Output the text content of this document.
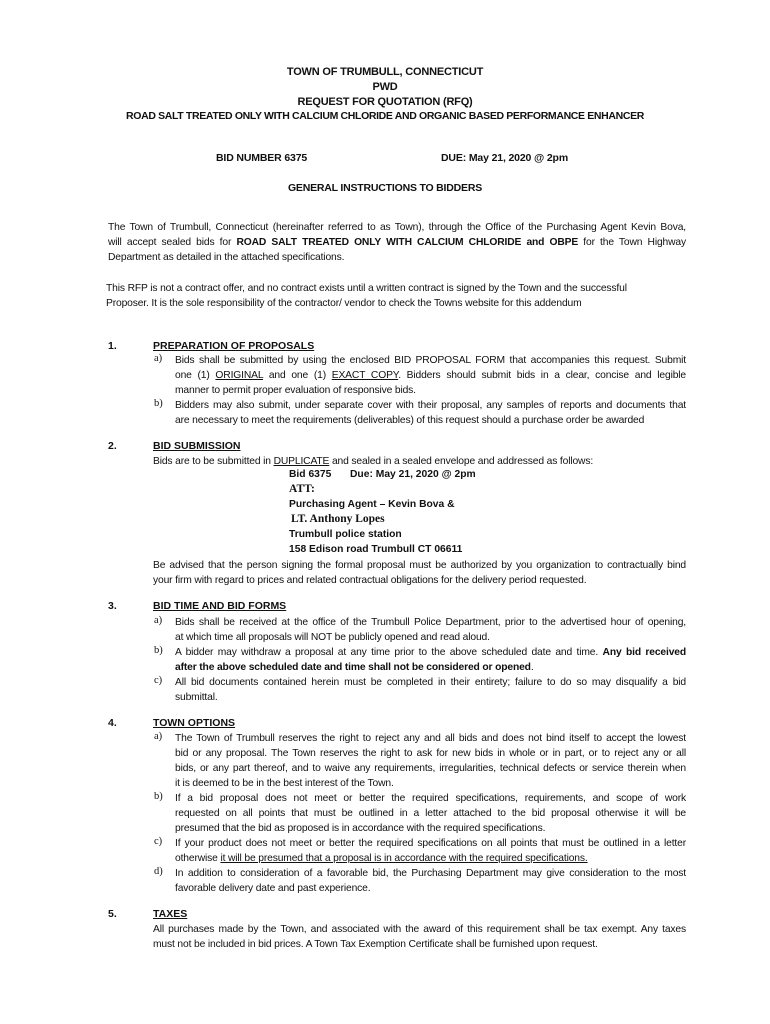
TOWN OF TRUMBULL, CONNECTICUT
PWD
REQUEST FOR QUOTATION (RFQ)
ROAD SALT TREATED ONLY WITH CALCIUM CHLORIDE AND ORGANIC BASED PERFORMANCE ENHANCER
BID NUMBER 6375	DUE: May 21, 2020 @ 2pm
GENERAL INSTRUCTIONS TO BIDDERS
The Town of Trumbull, Connecticut (hereinafter referred to as Town), through the Office of the Purchasing Agent Kevin Bova,
will accept sealed bids for ROAD SALT TREATED ONLY WITH CALCIUM CHLORIDE and OBPE for the Town Highway
Department as detailed in the attached specifications.
This RFP is not a contract offer, and no contract exists until a written contract is signed by the Town and the successful
Proposer. It is the sole responsibility of the contractor/ vendor to check the Towns website for this addendum
1.	PREPARATION OF PROPOSALS
a) Bids shall be submitted by using the enclosed BID PROPOSAL FORM that accompanies this request. Submit
one (1) ORIGINAL and one (1) EXACT COPY. Bidders should submit bids in a clear, concise and legible
manner to permit proper evaluation of responsive bids.
b) Bidders may also submit, under separate cover with their proposal, any samples of reports and documents that
are necessary to meet the requirements (deliverables) of this request should a purchase order be awarded
2.	BID SUBMISSION
Bids are to be submitted in DUPLICATE and sealed in a sealed envelope and addressed as follows:
Bid 6375 Due: May 21, 2020 @ 2pm
ATT:
Purchasing Agent – Kevin Bova &
LT. Anthony Lopes
Trumbull police station
158 Edison road Trumbull CT 06611
Be advised that the person signing the formal proposal must be authorized by you organization to contractually bind
your firm with regard to prices and related contractual obligations for the delivery period requested.
3.	BID TIME AND BID FORMS
a) Bids shall be received at the office of the Trumbull Police Department, prior to the advertised hour of opening,
at which time all proposals will NOT be publicly opened and read aloud.
b) A bidder may withdraw a proposal at any time prior to the above scheduled date and time. Any bid received
after the above scheduled date and time shall not be considered or opened.
c) All bid documents contained herein must be completed in their entirety; failure to do so may disqualify a bid
submittal.
4.	TOWN OPTIONS
a) The Town of Trumbull reserves the right to reject any and all bids and does not bind itself to accept the lowest
bid or any proposal. The Town reserves the right to ask for new bids in whole or in part, or to reject any or all
bids, or any part thereof, and to waive any requirements, irregularities, technical defects or service therein when
it is deemed to be in the best interest of the Town.
b) If a bid proposal does not meet or better the required specifications, requirements, and scope of work
requested on all points that must be outlined in a letter attached to the bid proposal otherwise it will be
presumed that the bid as proposed is in accordance with the required specifications.
c) If your product does not meet or better the required specifications on all points that must be outlined in a letter
otherwise it will be presumed that a proposal is in accordance with the required specifications.
d) In addition to consideration of a favorable bid, the Purchasing Department may give consideration to the most
favorable delivery date and past experience.
5.	TAXES
All purchases made by the Town, and associated with the award of this requirement shall be tax exempt. Any taxes
must not be included in bid prices. A Town Tax Exemption Certificate shall be furnished upon request.
